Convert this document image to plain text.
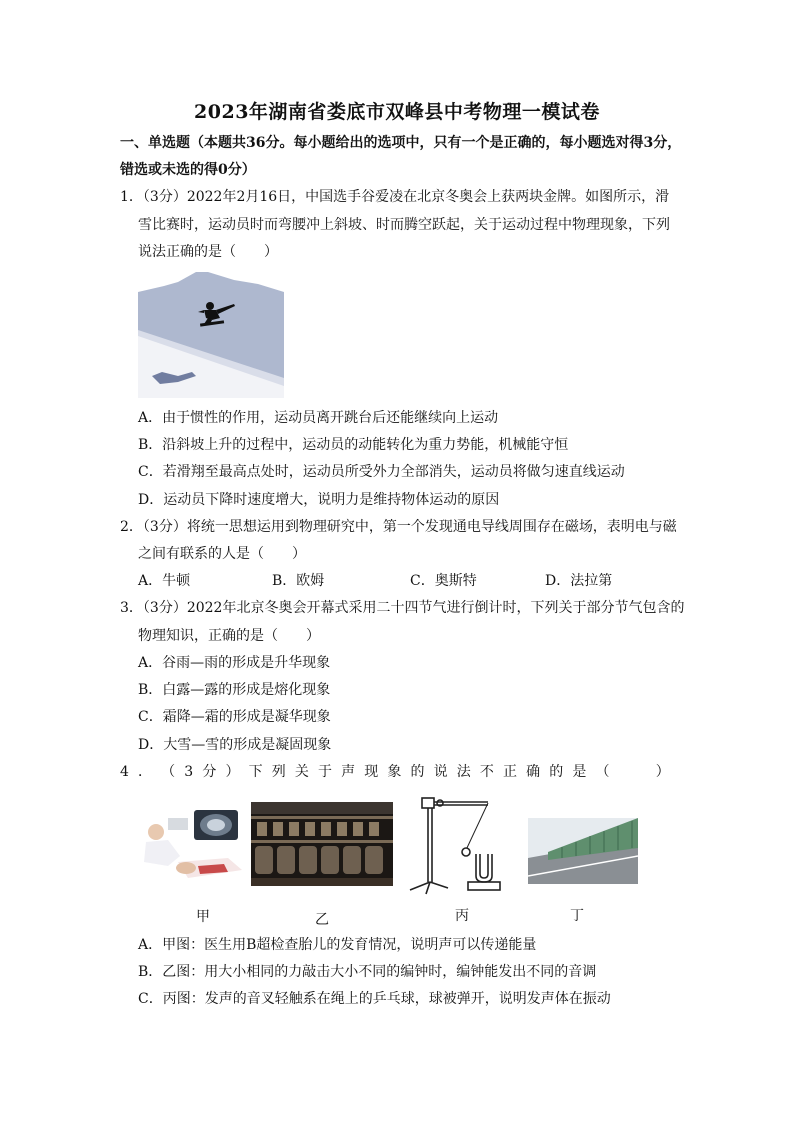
2023年湖南省娄底市双峰县中考物理一模试卷
一、单选题（本题共36分。每小题给出的选项中，只有一个是正确的，每小题选对得3分，
错选或未选的得0分）
1．（3分）2022年2月16日，中国选手谷爱凌在北京冬奥会上获两块金牌。如图所示，滑
雪比赛时，运动员时而弯腰冲上斜坡、时而腾空跃起，关于运动过程中物理现象，下列
说法正确的是（　　）
A．由于惯性的作用，运动员离开跳台后还能继续向上运动
B．沿斜坡上升的过程中，运动员的动能转化为重力势能，机械能守恒
C．若滑翔至最高点处时，运动员所受外力全部消失，运动员将做匀速直线运动
D．运动员下降时速度增大，说明力是维持物体运动的原因
2．（3分）将统一思想运用到物理研究中，第一个发现通电导线周围存在磁场，表明电与磁
之间有联系的人是（　　）
A．牛顿	B．欧姆	C．奥斯特	D．法拉第
3．（3分）2022年北京冬奥会开幕式采用二十四节气进行倒计时，下列关于部分节气包含的
物理知识，正确的是（　　）
A．谷雨—雨的形成是升华现象
B．白露—露的形成是熔化现象
C．霜降—霜的形成是凝华现象
D．大雪—雪的形成是凝固现象
4 ． （ 3 分 ） 下 列 关 于 声 现 象 的 说 法 不 正 确 的 是 （
　　	）
甲	乙	丙	丁
A．甲图：医生用B超检查胎儿的发育情况，说明声可以传递能量
B．乙图：用大小相同的力敲击大小不同的编钟时，编钟能发出不同的音调
C．丙图：发声的音叉轻触系在绳上的乒乓球，球被弹开，说明发声体在振动
